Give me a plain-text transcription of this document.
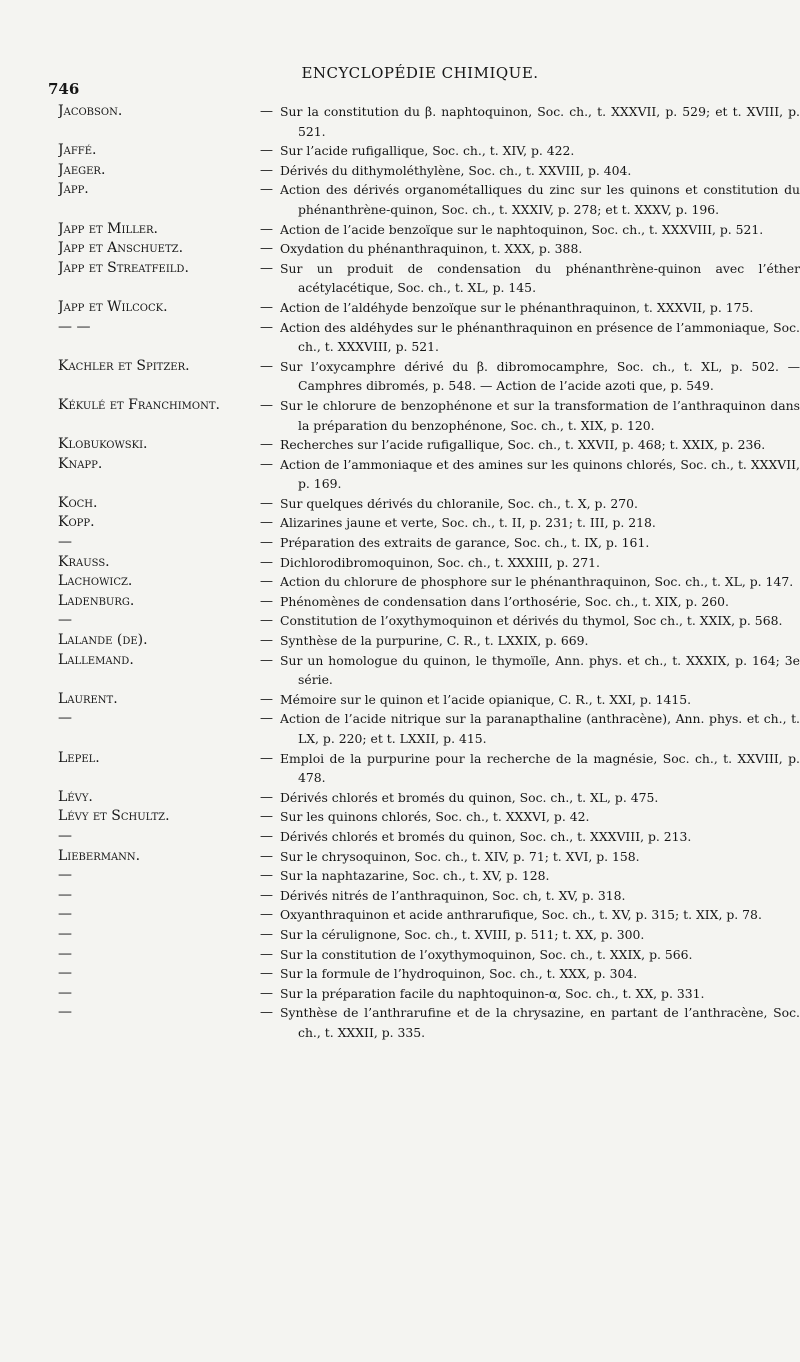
746
ENCYCLOPÉDIE CHIMIQUE.
Jacobson.	— Sur la constitution du β. naphtoquinon, Soc. ch., t. XXXVII, p. 529; et t. XVIII, p. 521.
Jaffé.	— Sur l’acide rufigallique, Soc. ch., t. XIV, p. 422.
Jaeger.	— Dérivés du dithymoléthylène, Soc. ch., t. XXVIII, p. 404.
Japp.	— Action des dérivés organométalliques du zinc sur les quinons et constitution du phénanthrène-quinon, Soc. ch., t. XXXIV, p. 278; et t. XXXV, p. 196.
Japp et Miller.	— Action de l’acide benzoïque sur le naphtoquinon, Soc. ch., t. XXXVIII, p. 521.
Japp et Anschuetz.	— Oxydation du phénanthraquinon, t. XXX, p. 388.
Japp et Streatfeild.	— Sur un produit de condensation du phénanthrène-quinon avec l’éther acétylacétique, Soc. ch., t. XL, p. 145.
Japp et Wilcock.	— Action de l’aldéhyde benzoïque sur le phénanthraquinon, t. XXXVII, p. 175.
— —	— Action des aldéhydes sur le phénanthraquinon en présence de l’ammoniaque, Soc. ch., t. XXXVIII, p. 521.
Kachler et Spitzer.	— Sur l’oxycamphre dérivé du β. dibromocamphre, Soc. ch., t. XL, p. 502. — Camphres dibromés, p. 548. — Action de l’acide azoti que, p. 549.
Kékulé et Franchimont.	— Sur le chlorure de benzophénone et sur la transformation de l’anthraquinon dans la préparation du benzophénone, Soc. ch., t. XIX, p. 120.
Klobukowski.	— Recherches sur l’acide rufigallique, Soc. ch., t. XXVII, p. 468; t. XXIX, p. 236.
Knapp.	— Action de l’ammoniaque et des amines sur les quinons chlorés, Soc. ch., t. XXXVII, p. 169.
Koch.	— Sur quelques dérivés du chloranile, Soc. ch., t. X, p. 270.
Kopp.	— Alizarines jaune et verte, Soc. ch., t. II, p. 231; t. III, p. 218.
—	— Préparation des extraits de garance, Soc. ch., t. IX, p. 161.
Krauss.	— Dichlorodibromoquinon, Soc. ch., t. XXXIII, p. 271.
Lachowicz.	— Action du chlorure de phosphore sur le phénanthraquinon, Soc. ch., t. XL, p. 147.
Ladenburg.	— Phénomènes de condensation dans l’orthosérie, Soc. ch., t. XIX, p. 260.
—	— Constitution de l’oxythymoquinon et dérivés du thymol, Soc ch., t. XXIX, p. 568.
Lalande (de).	— Synthèse de la purpurine, C. R., t. LXXIX, p. 669.
Lallemand.	— Sur un homologue du quinon, le thymoïle, Ann. phys. et ch., t. XXXIX, p. 164; 3e série.
Laurent.	— Mémoire sur le quinon et l’acide opianique, C. R., t. XXI, p. 1415.
—	— Action de l’acide nitrique sur la paranapthaline (anthracène), Ann. phys. et ch., t. LX, p. 220; et t. LXXII, p. 415.
Lepel.	— Emploi de la purpurine pour la recherche de la magnésie, Soc. ch., t. XXVIII, p. 478.
Lévy.	— Dérivés chlorés et bromés du quinon, Soc. ch., t. XL, p. 475.
Lévy et Schultz.	— Sur les quinons chlorés, Soc. ch., t. XXXVI, p. 42.
—	— Dérivés chlorés et bromés du quinon, Soc. ch., t. XXXVIII, p. 213.
Liebermann.	— Sur le chrysoquinon, Soc. ch., t. XIV, p. 71; t. XVI, p. 158.
—	— Sur la naphtazarine, Soc. ch., t. XV, p. 128.
—	— Dérivés nitrés de l’anthraquinon, Soc. ch, t. XV, p. 318.
—	— Oxyanthraquinon et acide anthrarufique, Soc. ch., t. XV, p. 315; t. XIX, p. 78.
—	— Sur la cérulignone, Soc. ch., t. XVIII, p. 511; t. XX, p. 300.
—	— Sur la constitution de l’oxythymoquinon, Soc. ch., t. XXIX, p. 566.
—	— Sur la formule de l’hydroquinon, Soc. ch., t. XXX, p. 304.
—	— Sur la préparation facile du naphtoquinon-α, Soc. ch., t. XX, p. 331.
—	— Synthèse de l’anthrarufine et de la chrysazine, en partant de l’anthracène, Soc. ch., t. XXXII, p. 335.
